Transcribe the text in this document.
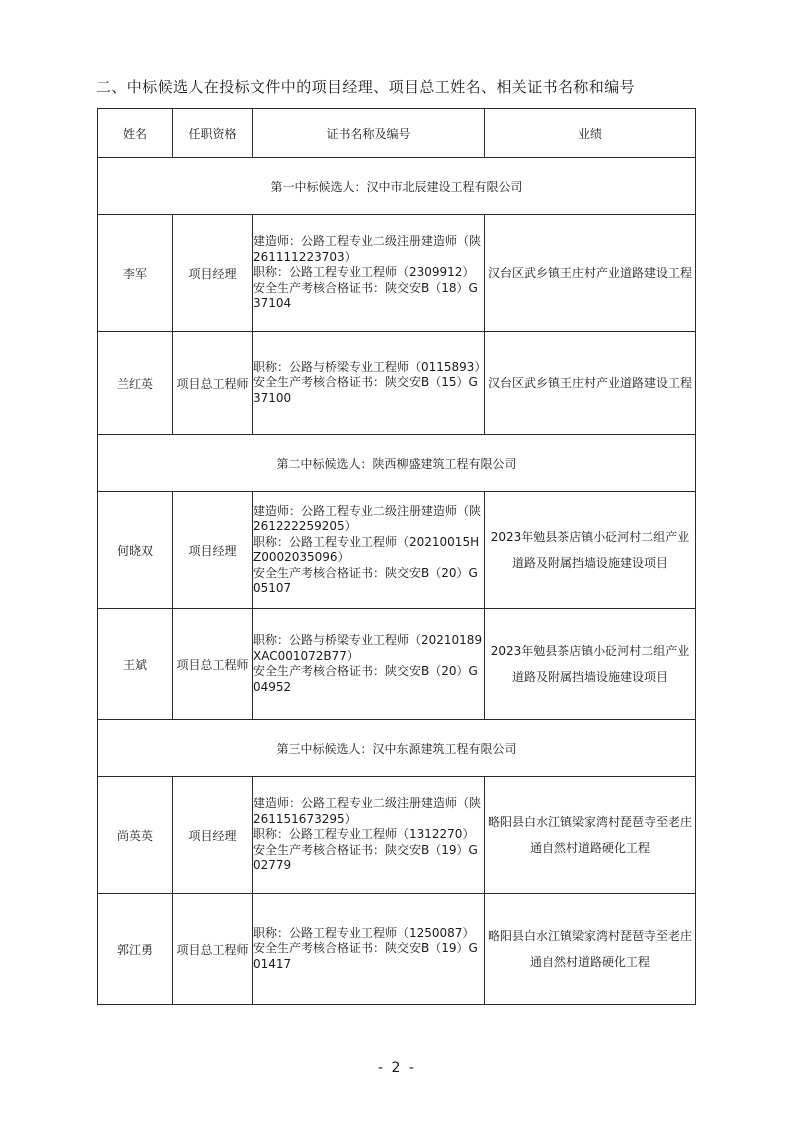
二、中标候选人在投标文件中的项目经理、项目总工姓名、相关证书名称和编号
姓名	任职资格	证书名称及编号	业绩
第一中标候选人：汉中市北辰建设工程有限公司			
李军	项目经理	建造师：公路工程专业二级注册建造师（陕261111223703）
职称：公路工程专业工程师（2309912）
安全生产考核合格证书：陕交安B（18）G37104	汉台区武乡镇王庄村产业道路建设工程
兰红英	项目总工程师	职称：公路与桥梁专业工程师（0115893）
安全生产考核合格证书：陕交安B（15）G37100	汉台区武乡镇王庄村产业道路建设工程
第二中标候选人：陕西柳盛建筑工程有限公司			
何晓双	项目经理	建造师：公路工程专业二级注册建造师（陕261222259205）
职称：公路工程专业工程师（20210015HZ0002035096）
安全生产考核合格证书：陕交安B（20）G05107	2023年勉县茶店镇小砭河村二组产业道路及附属挡墙设施建设项目
王斌	项目总工程师	职称：公路与桥梁专业工程师（20210189XAC001072B77）
安全生产考核合格证书：陕交安B（20）G04952	2023年勉县茶店镇小砭河村二组产业道路及附属挡墙设施建设项目
第三中标候选人：汉中东源建筑工程有限公司			
尚英英	项目经理	建造师：公路工程专业二级注册建造师（陕261151673295）
职称：公路工程专业工程师（1312270）
安全生产考核合格证书：陕交安B（19）G02779	略阳县白水江镇梁家湾村琵琶寺至老庄通自然村道路硬化工程
郭江勇	项目总工程师	职称：公路工程专业工程师（1250087）
安全生产考核合格证书：陕交安B（19）G01417	略阳县白水江镇梁家湾村琵琶寺至老庄通自然村道路硬化工程
- 2 -
